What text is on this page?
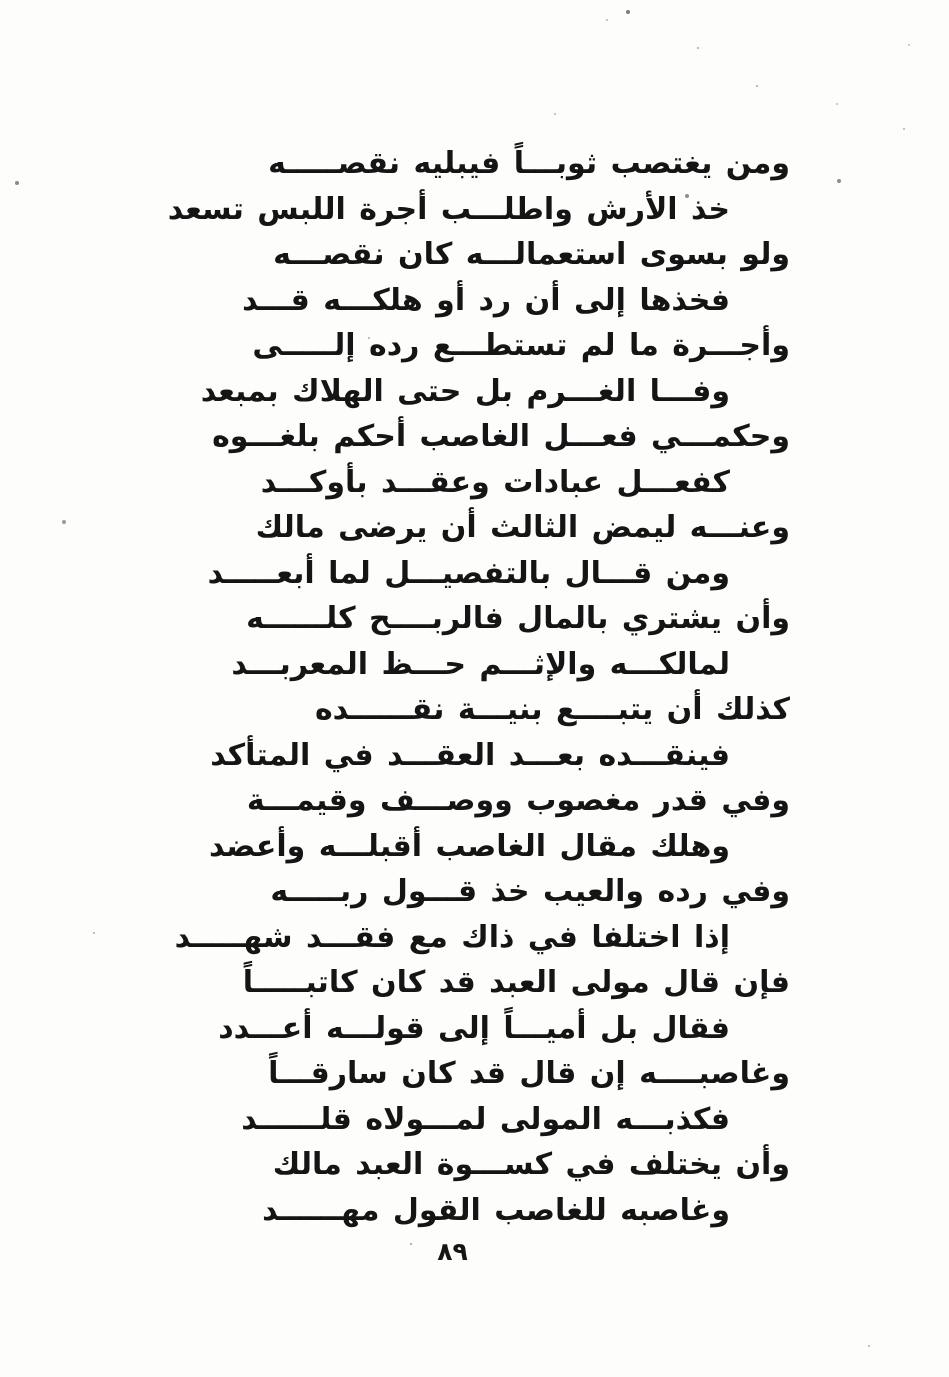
ومن يغتصب ثوبـــاً فيبليه نقصـــــه
خذ الأرش واطلـــب أجرة اللبس تسعد
ولو بسوى استعمالـــه كان نقصـــه
فخذها إلى أن رد أو هلكـــه قـــد
وأجـــرة ما لم تستطـــع رده إلـــــى
وفـــا الغـــرم بل حتى الهلاك بمبعد
وحكمـــي فعـــل الغاصب أحكم بلغـــوه
كفعـــل عبادات وعقـــد بأوكـــد
وعنـــه ليمض الثالث أن يرضى مالك
ومن قـــال بالتفصيـــل لما أبعـــــد
وأن يشتري بالمال فالربــــح كلــــــه
لمالكـــه والإثـــم حـــظ المعربـــد
كذلك أن يتبــــع بنيـــة نقــــــده
فينقـــده بعـــد العقـــد في المتأكد
وفي قدر مغصوب ووصـــف وقيمـــة
وهلك مقال الغاصب أقبلـــه وأعضد
وفي رده والعيب خذ قـــول ربـــــه
إذا اختلفا في ذاك مع فقـــد شهـــــد
فإن قال مولى العبد قد كان كاتبـــــاً
فقال بل أميـــاً إلى قولـــه أعـــدد
وغاصبــــه إن قال قد كان سارقـــاً
فكذبـــه المولى لمـــولاه قلــــــد
وأن يختلف في كســـوة العبد مالك
وغاصبه للغاصب القول مهــــــد
٨٩
